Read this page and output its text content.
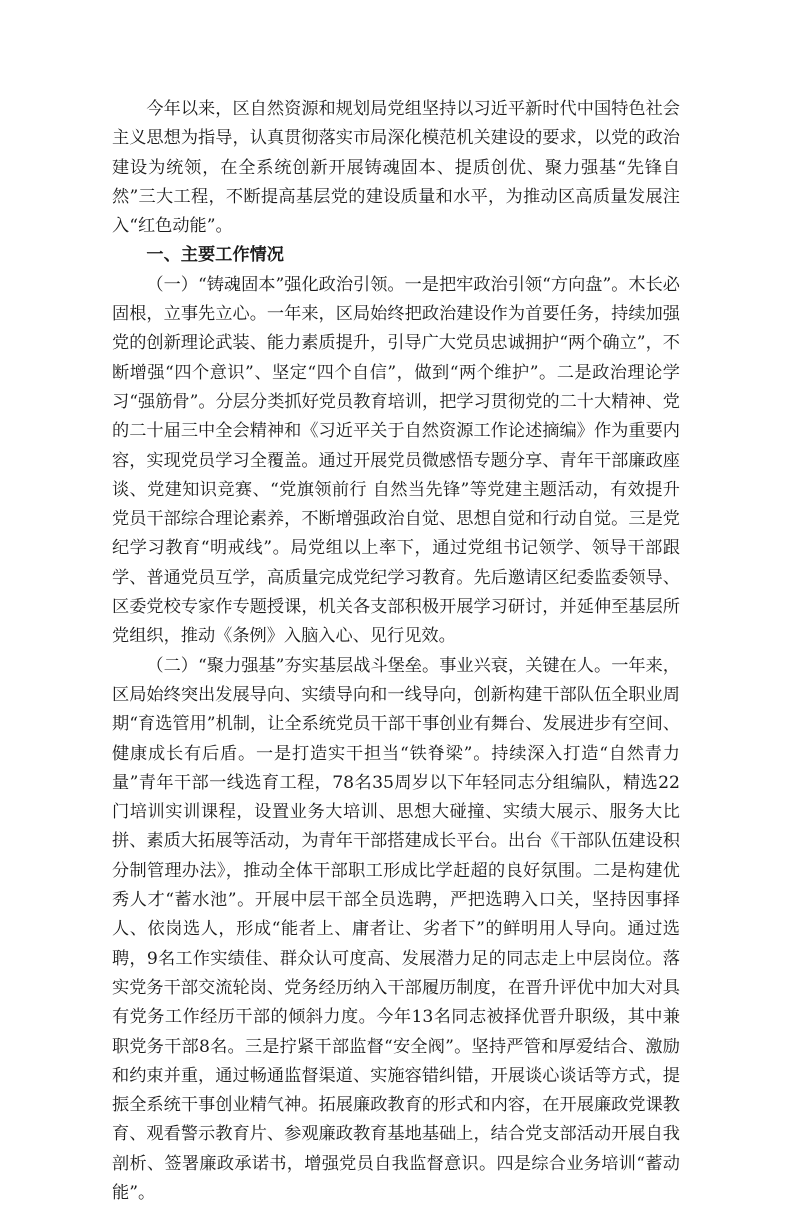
今年以来，区自然资源和规划局党组坚持以习近平新时代中国特色社会主义思想为指导，认真贯彻落实市局深化模范机关建设的要求，以党的政治建设为统领，在全系统创新开展铸魂固本、提质创优、聚力强基“先锋自然”三大工程，不断提高基层党的建设质量和水平，为推动区高质量发展注入“红色动能”。

一、主要工作情况

（一）“铸魂固本”强化政治引领。一是把牢政治引领“方向盘”。木长必固根，立事先立心。一年来，区局始终把政治建设作为首要任务，持续加强党的创新理论武装、能力素质提升，引导广大党员忠诚拥护“两个确立”，不断增强“四个意识”、坚定“四个自信”，做到“两个维护”。二是政治理论学习“强筋骨”。分层分类抓好党员教育培训，把学习贯彻党的二十大精神、党的二十届三中全会精神和《习近平关于自然资源工作论述摘编》作为重要内容，实现党员学习全覆盖。通过开展党员微感悟专题分享、青年干部廉政座谈、党建知识竞赛、“党旗领前行 自然当先锋”等党建主题活动，有效提升党员干部综合理论素养，不断增强政治自觉、思想自觉和行动自觉。三是党纪学习教育“明戒线”。局党组以上率下，通过党组书记领学、领导干部跟学、普通党员互学，高质量完成党纪学习教育。先后邀请区纪委监委领导、区委党校专家作专题授课，机关各支部积极开展学习研讨，并延伸至基层所党组织，推动《条例》入脑入心、见行见效。

（二）“聚力强基”夯实基层战斗堡垒。事业兴衰，关键在人。一年来，区局始终突出发展导向、实绩导向和一线导向，创新构建干部队伍全职业周期“育选管用”机制，让全系统党员干部干事创业有舞台、发展进步有空间、健康成长有后盾。一是打造实干担当“铁脊梁”。持续深入打造“自然青力量”青年干部一线选育工程，78名35周岁以下年轻同志分组编队，精选22门培训实训课程，设置业务大培训、思想大碰撞、实绩大展示、服务大比拼、素质大拓展等活动，为青年干部搭建成长平台。出台《干部队伍建设积分制管理办法》，推动全体干部职工形成比学赶超的良好氛围。二是构建优秀人才“蓄水池”。开展中层干部全员选聘，严把选聘入口关，坚持因事择人、依岗选人，形成“能者上、庸者让、劣者下”的鲜明用人导向。通过选聘，9名工作实绩佳、群众认可度高、发展潜力足的同志走上中层岗位。落实党务干部交流轮岗、党务经历纳入干部履历制度，在晋升评优中加大对具有党务工作经历干部的倾斜力度。今年13名同志被择优晋升职级，其中兼职党务干部8名。三是拧紧干部监督“安全阀”。坚持严管和厚爱结合、激励和约束并重，通过畅通监督渠道、实施容错纠错，开展谈心谈话等方式，提振全系统干事创业精气神。拓展廉政教育的形式和内容，在开展廉政党课教育、观看警示教育片、参观廉政教育基地基础上，结合党支部活动开展自我剖析、签署廉政承诺书，增强党员自我监督意识。四是综合业务培训“蓄动能”。
